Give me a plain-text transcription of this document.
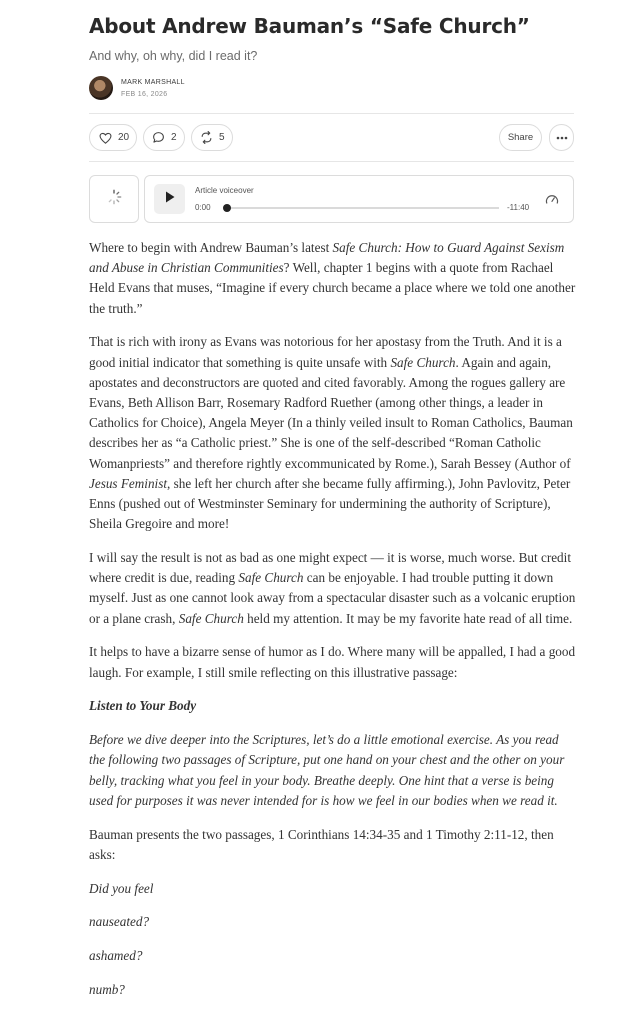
About Andrew Bauman’s “Safe Church”
And why, oh why, did I read it?
MARK MARSHALL
FEB 16, 2026
20	2	5	Share
Article voiceover
0:00	-11:40

Where to begin with Andrew Bauman’s latest Safe Church: How to Guard Against Sexism and Abuse in Christian Communities? Well, chapter 1 begins with a quote from Rachael Held Evans that muses, “Imagine if every church became a place where we told one another the truth.”

That is rich with irony as Evans was notorious for her apostasy from the Truth. And it is a good initial indicator that something is quite unsafe with Safe Church. Again and again, apostates and deconstructors are quoted and cited favorably. Among the rogues gallery are Evans, Beth Allison Barr, Rosemary Radford Ruether (among other things, a leader in Catholics for Choice), Angela Meyer (In a thinly veiled insult to Roman Catholics, Bauman describes her as “a Catholic priest.” She is one of the self-described “Roman Catholic Womanpriests” and therefore rightly excommunicated by Rome.), Sarah Bessey (Author of Jesus Feminist, she left her church after she became fully affirming.), John Pavlovitz, Peter Enns (pushed out of Westminster Seminary for undermining the authority of Scripture), Sheila Gregoire and more!

I will say the result is not as bad as one might expect — it is worse, much worse. But credit where credit is due, reading Safe Church can be enjoyable. I had trouble putting it down myself. Just as one cannot look away from a spectacular disaster such as a volcanic eruption or a plane crash, Safe Church held my attention. It may be my favorite hate read of all time.

It helps to have a bizarre sense of humor as I do. Where many will be appalled, I had a good laugh. For example, I still smile reflecting on this illustrative passage:

Listen to Your Body

Before we dive deeper into the Scriptures, let’s do a little emotional exercise. As you read the following two passages of Scripture, put one hand on your chest and the other on your belly, tracking what you feel in your body. Breathe deeply. One hint that a verse is being used for purposes it was never intended for is how we feel in our bodies when we read it.

Bauman presents the two passages, 1 Corinthians 14:34-35 and 1 Timothy 2:11-12, then asks:

Did you feel

nauseated?

ashamed?

numb?
